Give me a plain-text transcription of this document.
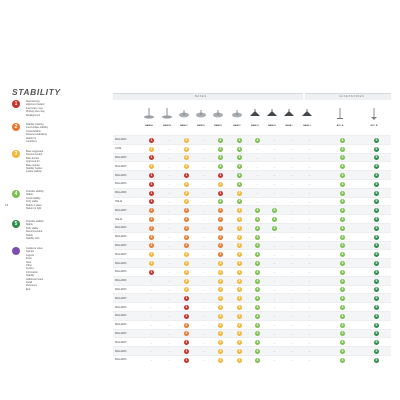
14
STABILITY
1	Reproducing
alignment hazard
Inaccuracy may
Plotting area may
Misalignment
2	Stability marking
Intermediate stability
Unpredictable
Reduced stabilising
Stable for
conditions
3	Base suggested
Recommended
Base limited
Approved for
Base regular
Stability marker
instant stability
4	Possible stability
Stable
Good stability
Fully stable
Stable in place
Stable for light
5	Possible stability
Stable
Fully stable
Recommended
Stable
Stability with
Guidance notes
Sample
Legend
Extra
Note
Other
Further
Information
Stability
Additional notes
Detail
Reference
End
BASES	ACCESSORIES
BASE A	BASE B	BASE C	BASE D	BASE E	BASE F	BASE G	BASE H	BASE I	BASE J	ACC. A	ACC. B
PALLADIO	1	–	3	–	4	4	4	–	–	–	4	5
LUXE	3	–	3	–	4	4	–	–	–	–	4	5
PALLADIO	1	–	3	–	4	4	–	–	–	–	4	5
PALLADIO	3	–	3	–	4	4	–	–	–	–	4	5
PALLADIO	1	–	1	–	1	4	–	–	–	–	4	5
PALLADIO	1	–	3	–	3	4	–	–	–	–	4	5
PALLADIO	1	–	3	–	1	3	–	–	–	–	4	5
ITALIA	1	–	3	–	4	4	–	–	–	–	4	5
PALLADIO	2	–	2	–	2	3	4	4	–	–	4	5
ITALIA	2	–	2	–	2	3	4	4	–	–	4	5
PALLADIO	2	–	2	–	2	3	4	4	–	–	4	5
PALLADIO	2	–	2	–	2	3	4	–	–	–	4	5
PALLADIO	2	–	2	–	2	3	4	–	–	–	4	5
PALLADIO	3	–	3	–	2	3	4	–	–	–	4	5
PALLADIO	3	–	3	–	3	3	4	–	–	–	4	5
PALLADIO	1	–	3	–	3	3	4	–	–	–	4	5
PALLADIO	–	–	3	–	3	3	4	–	–	–	4	5
PALLADIO	–	–	3	–	3	3	4	–	–	–	4	5
PALLADIO	–	–	1	–	3	3	4	–	–	–	4	5
PALLADIO	–	–	1	–	3	3	4	–	–	–	4	5
PALLADIO	–	–	1	–	3	3	4	–	–	–	4	5
PALLADIO	–	–	2	–	3	3	4	–	–	–	4	5
PALLADIO	–	–	2	–	3	3	4	–	–	–	4	5
PALLADIO	–	–	1	–	3	3	4	–	–	–	4	5
PALLADIO	–	–	1	–	3	3	4	–	–	–	4	5
PALLADIO	–	–	1	–	3	3	4	–	–	–	4	5
